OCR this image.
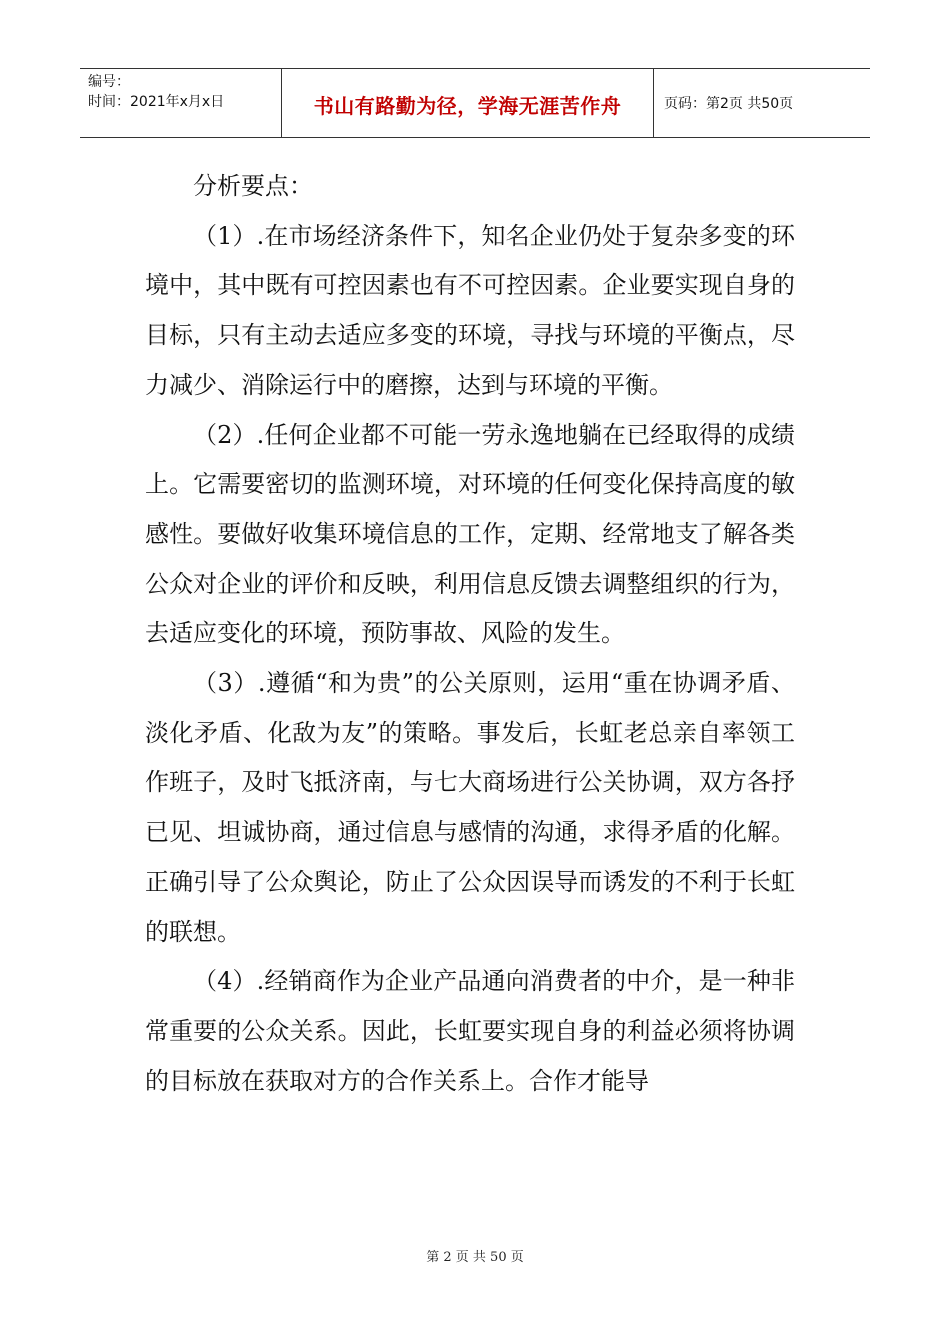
编号：
时间：2021年x月x日	书山有路勤为径，学海无涯苦作舟	页码：第2页 共50页

分析要点：

（1）.在市场经济条件下，知名企业仍处于复杂多变的环境中，其中既有可控因素也有不可控因素。企业要实现自身的目标，只有主动去适应多变的环境，寻找与环境的平衡点，尽力减少、消除运行中的磨擦，达到与环境的平衡。

（2）.任何企业都不可能一劳永逸地躺在已经取得的成绩上。它需要密切的监测环境，对环境的任何变化保持高度的敏感性。要做好收集环境信息的工作，定期、经常地支了解各类公众对企业的评价和反映，利用信息反馈去调整组织的行为，去适应变化的环境，预防事故、风险的发生。

（3）.遵循“和为贵”的公关原则，运用“重在协调矛盾、淡化矛盾、化敌为友”的策略。事发后，长虹老总亲自率领工作班子，及时飞抵济南，与七大商场进行公关协调，双方各抒已见、坦诚协商，通过信息与感情的沟通，求得矛盾的化解。正确引导了公众舆论，防止了公众因误导而诱发的不利于长虹的联想。

（4）.经销商作为企业产品通向消费者的中介，是一种非常重要的公众关系。因此，长虹要实现自身的利益必须将协调的目标放在获取对方的合作关系上。合作才能导

第 2 页 共 50 页
